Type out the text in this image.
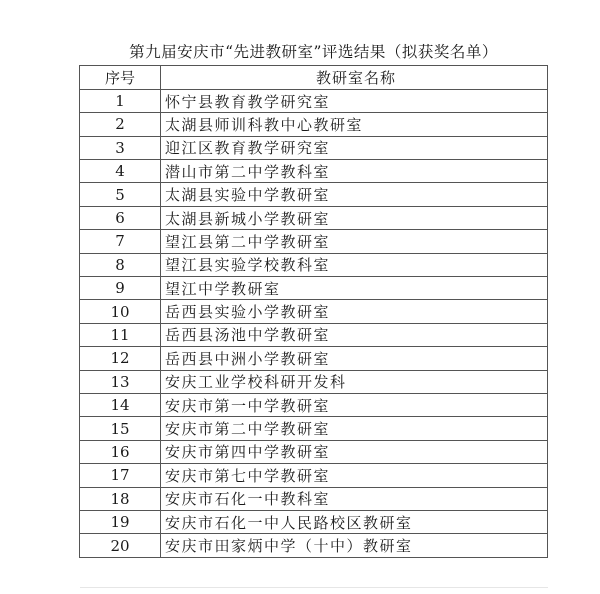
第九届安庆市“先进教研室”评选结果（拟获奖名单）
序号	教研室名称
1	怀宁县教育教学研究室
2	太湖县师训科教中心教研室
3	迎江区教育教学研究室
4	潜山市第二中学教科室
5	太湖县实验中学教研室
6	太湖县新城小学教研室
7	望江县第二中学教研室
8	望江县实验学校教科室
9	望江中学教研室
10	岳西县实验小学教研室
11	岳西县汤池中学教研室
12	岳西县中洲小学教研室
13	安庆工业学校科研开发科
14	安庆市第一中学教研室
15	安庆市第二中学教研室
16	安庆市第四中学教研室
17	安庆市第七中学教研室
18	安庆市石化一中教科室
19	安庆市石化一中人民路校区教研室
20	安庆市田家炳中学（十中）教研室
